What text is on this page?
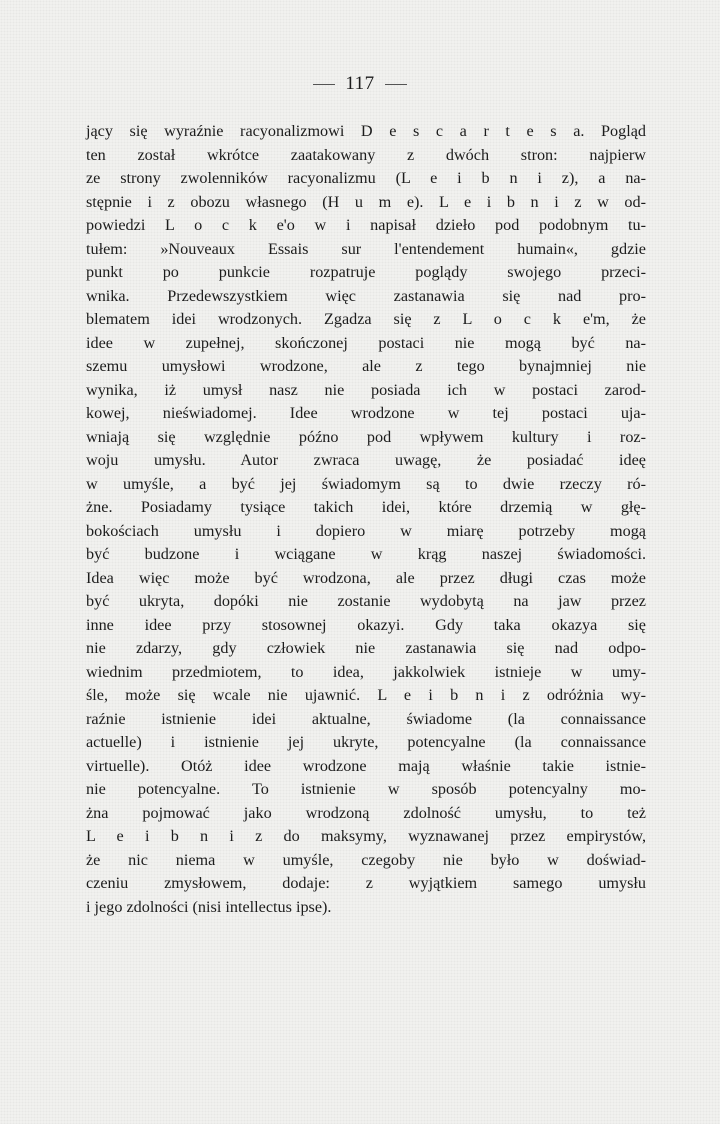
117
jący się wyraźnie racyonalizmowi D e s c a r t e s a. Pogląd
ten został wkrótce zaatakowany z dwóch stron: najpierw
ze strony zwolenników racyonalizmu (L e i b n i z), a na-
stępnie i z obozu własnego (H u m e). L e i b n i z w od-
powiedzi L o c k e'o w i napisał dzieło pod podobnym tu-
tułem: »Nouveaux Essais sur l'entendement humain«, gdzie
punkt po punkcie rozpatruje poglądy swojego przeci-
wnika. Przedewszystkiem więc zastanawia się nad pro-
blematem idei wrodzonych. Zgadza się z L o c k e'm, że
idee w zupełnej, skończonej postaci nie mogą być na-
szemu umysłowi wrodzone, ale z tego bynajmniej nie
wynika, iż umysł nasz nie posiada ich w postaci zarod-
kowej, nieświadomej. Idee wrodzone w tej postaci uja-
wniają się względnie późno pod wpływem kultury i roz-
woju umysłu. Autor zwraca uwagę, że posiadać ideę
w umyśle, a być jej świadomym są to dwie rzeczy ró-
żne. Posiadamy tysiące takich idei, które drzemią w głę-
bokościach umysłu i dopiero w miarę potrzeby mogą
być budzone i wciągane w krąg naszej świadomości.
Idea więc może być wrodzona, ale przez długi czas może
być ukryta, dopóki nie zostanie wydobytą na jaw przez
inne idee przy stosownej okazyi. Gdy taka okazya się
nie zdarzy, gdy człowiek nie zastanawia się nad odpo-
wiednim przedmiotem, to idea, jakkolwiek istnieje w umy-
śle, może się wcale nie ujawnić. L e i b n i z odróżnia wy-
raźnie istnienie idei aktualne, świadome (la connaissance
actuelle) i istnienie jej ukryte, potencyalne (la connaissance
virtuelle). Otóż idee wrodzone mają właśnie takie istnie-
nie potencyalne. To istnienie w sposób potencyalny mo-
żna pojmować jako wrodzoną zdolność umysłu, to też
L e i b n i z do maksymy, wyznawanej przez empirystów,
że nic niema w umyśle, czegoby nie było w doświad-
czeniu zmysłowem, dodaje: z wyjątkiem samego umysłu
i jego zdolności (nisi intellectus ipse).
